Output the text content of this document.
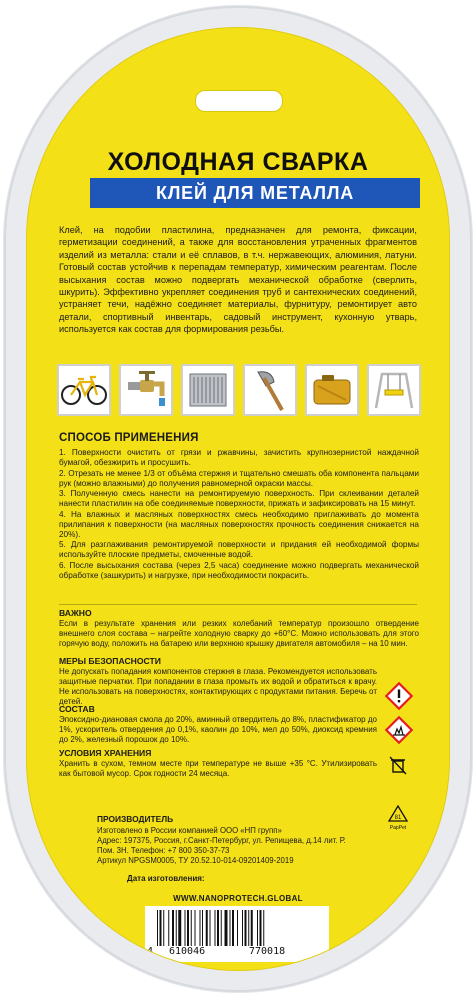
ХОЛОДНАЯ СВАРКА
КЛЕЙ ДЛЯ МЕТАЛЛА
Клей, на подобии пластилина, предназначен для ремонта, фиксации, герметизации соединений, а также для восстановления утраченных фрагментов изделий из металла: стали и её сплавов, в т.ч. нержавеющих, алюминия, латуни. Готовый состав устойчив к перепадам температур, химическим реагентам. После высыхания состав можно подвергать механической обработке (сверлить, шкурить). Эффективно укрепляет соединения труб и сантехнических соединений, устраняет течи, надёжно соединяет материалы, фурнитуру, ремонтирует авто детали, спортивный инвентарь, садовый инструмент, кухонную утварь, используется как состав для формирования резьбы.
СПОСОБ ПРИМЕНЕНИЯ
1. Поверхности очистить от грязи и ржавчины, зачистить крупнозернистой наждачной бумагой, обезжирить и просушить.
2. Отрезать не менее 1/3 от объёма стержня и тщательно смешать оба компонента пальцами рук (можно влажными) до получения равномерной окраски массы.
3. Полученную смесь нанести на ремонтируемую поверхность. При склеивании деталей нанести пластилин на обе соединяемые поверхности, прижать и зафиксировать на 15 минут.
4. На влажных и масляных поверхностях смесь необходимо приглаживать до момента прилипания к поверхности (на масляных поверхностях прочность соединения снижается на 20%).
5. Для разглаживания ремонтируемой поверхности и придания ей необходимой формы используйте плоские предметы, смоченные водой.
6. После высыхания состава (через 2,5 часа) соединение можно подвергать механической обработке (зашкурить) и нагрузке, при необходимости покрасить.
ВАЖНО

Если в результате хранения или резких колебаний температур произошло отвердение внешнего слоя состава – нагрейте холодную сварку до +60°С. Можно использовать для этого горячую воду, положить на батарею или верхнюю крышку двигателя автомобиля – на 10 мин.

МЕРЫ БЕЗОПАСНОСТИ

Не допускать попадания компонентов стержня в глаза. Рекомендуется использовать защитные перчатки. При попадании в глаза промыть их водой и обратиться к врачу. Не использовать на поверхностях, контактирующих с продуктами питания. Беречь от детей.

СОСТАВ

Эпоксидно-диановая смола до 20%, аминный отвердитель до 8%, пластификатор до 1%, ускоритель отвердения до 0,1%, каолин до 10%, мел до 50%, диоксид кремния до 2%, железный порошок до 10%.

УСЛОВИЯ ХРАНЕНИЯ

Хранить в сухом, темном месте при температуре не выше +35 °С. Утилизировать как бытовой мусор. Срок годности 24 месяца.

81
PapPet
ПРОИЗВОДИТЕЛЬ
Изготовлено в России компанией ООО «НП групп»
Адрес: 197375, Россия, г.Санкт-Петербург, ул. Репищева, д.14 лит. Р. Пом. 3Н. Телефон: +7 800 350-37-73
Артикул NPGSM0005, ТУ 20.52.10-014-09201409-2019
Дата изготовления:
WWW.NANOPROTECH.GLOBAL
4 610046	770018
